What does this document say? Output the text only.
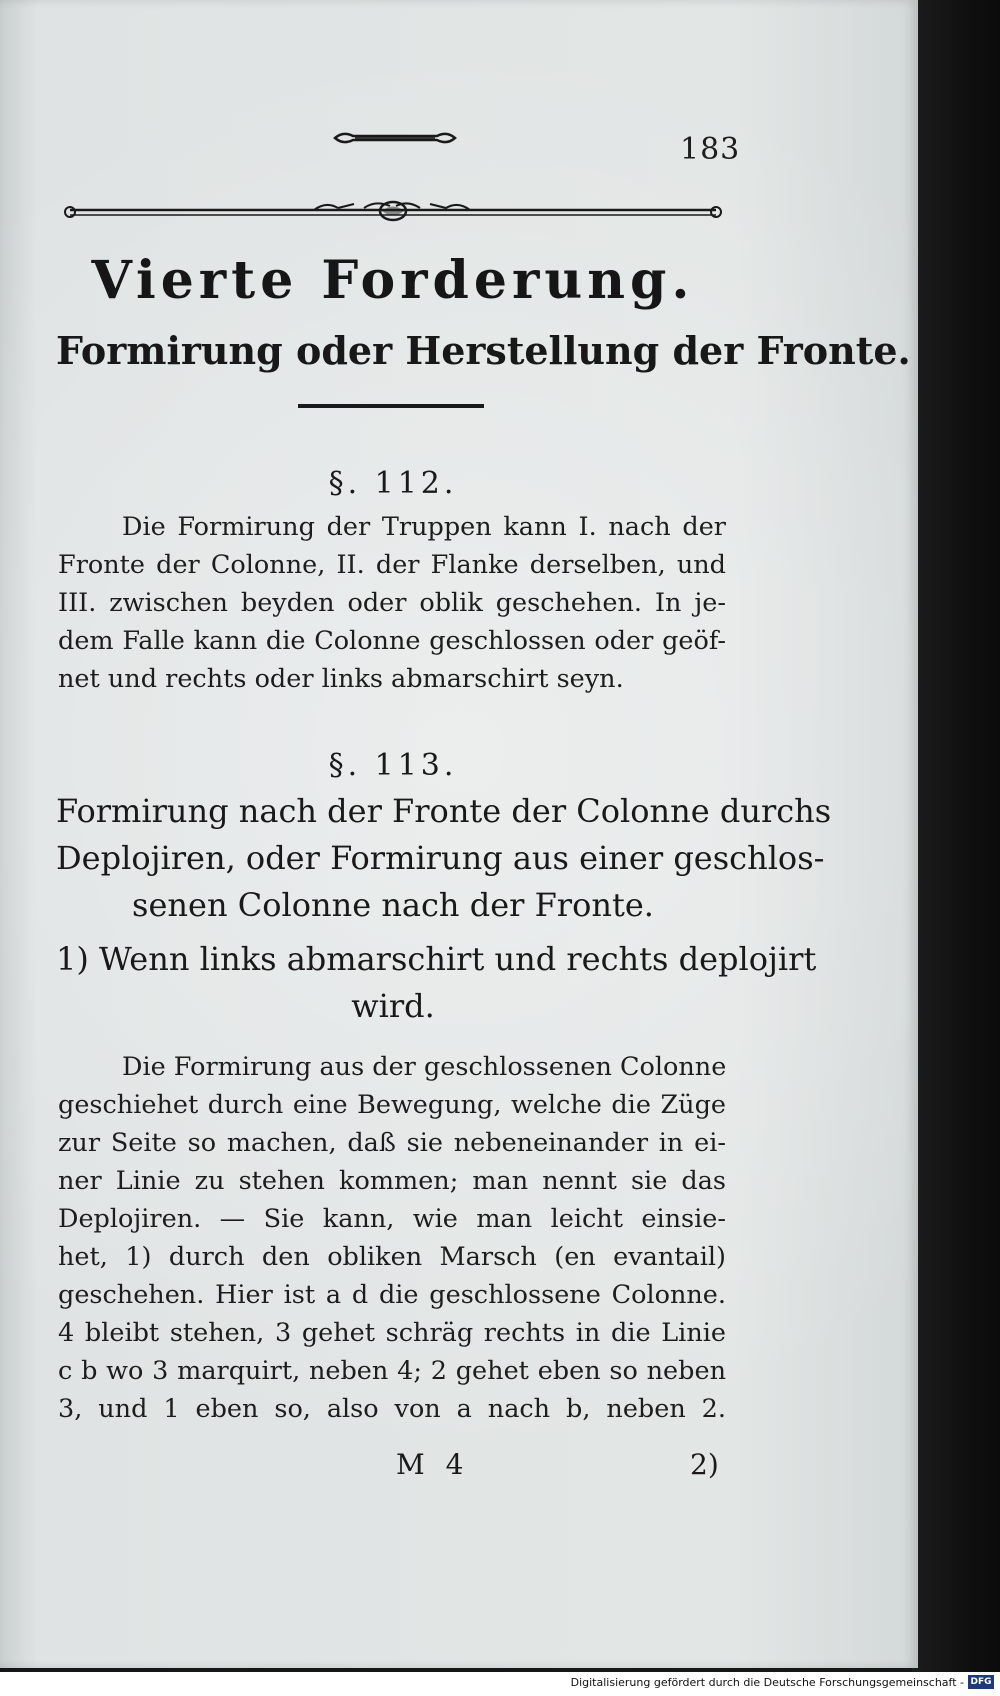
183
Vierte Forderung.
Formirung oder Herstellung der Fronte.
§. 112.
Die Formirung der Truppen kann I. nach der
Fronte der Colonne, II. der Flanke derselben, und
III. zwischen beyden oder oblik geschehen. In je-
dem Falle kann die Colonne geschlossen oder geöf-
net und rechts oder links abmarschirt seyn.
§. 113.
Formirung nach der Fronte der Colonne durchs
Deplojiren, oder Formirung aus einer geschlos-
senen Colonne nach der Fronte.
1) Wenn links abmarschirt und rechts deplojirt
wird.
Die Formirung aus der geschlossenen Colonne
geschiehet durch eine Bewegung, welche die Züge
zur Seite so machen, daß sie nebeneinander in ei-
ner Linie zu stehen kommen; man nennt sie das
Deplojiren. — Sie kann, wie man leicht einsie-
het, 1) durch den obliken Marsch (en evantail)
geschehen. Hier ist a d die geschlossene Colonne.
4 bleibt stehen, 3 gehet schräg rechts in die Linie
c b wo 3 marquirt, neben 4; 2 gehet eben so neben
3, und 1 eben so, also von a nach b, neben 2.
M 4	2)
Digitalisierung gefördert durch die Deutsche Forschungsgemeinschaft - DFG
